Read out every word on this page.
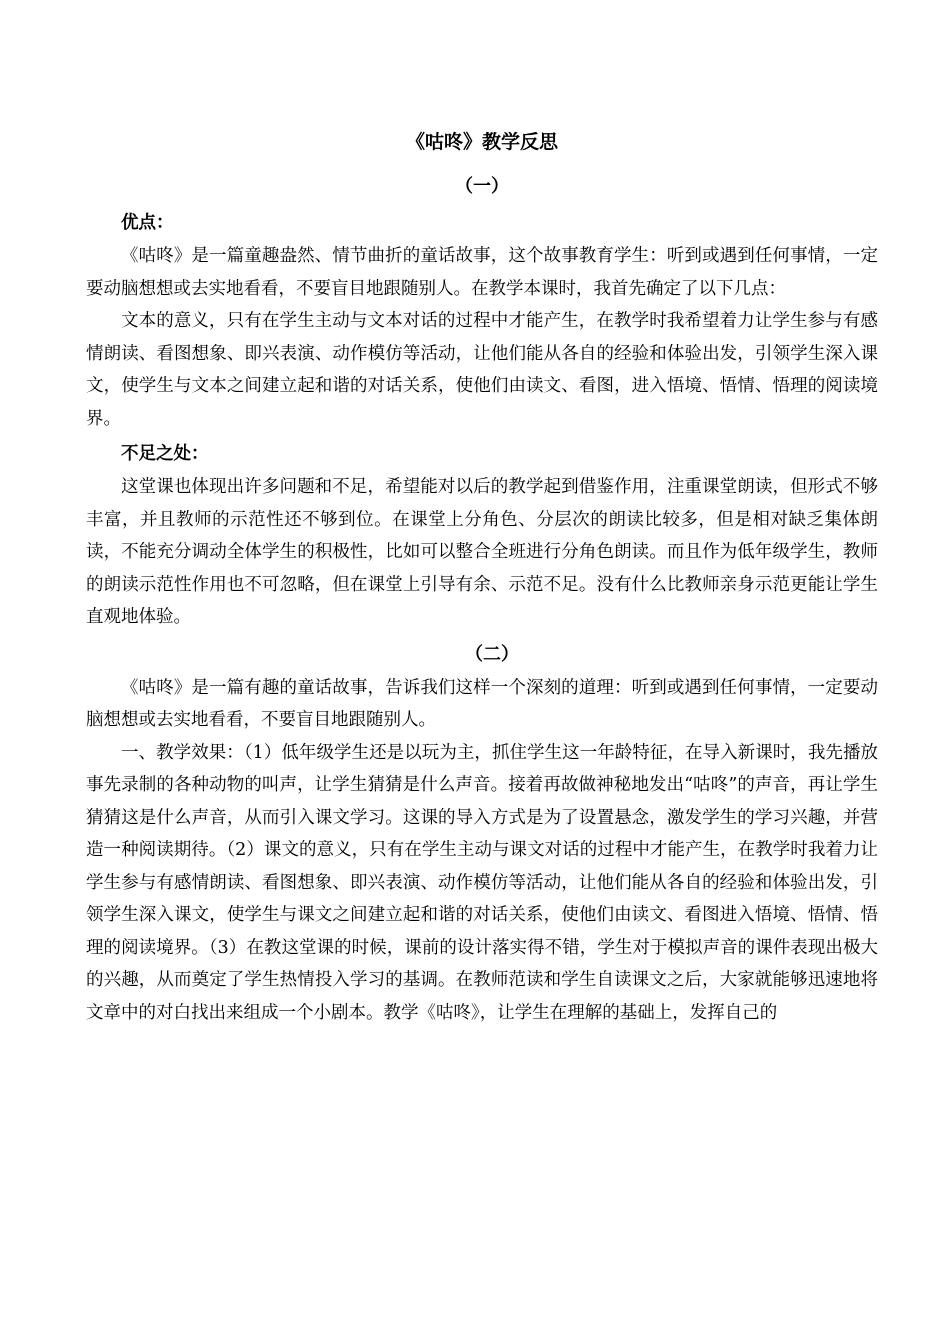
《咕咚》教学反思
（一）
优点：

《咕咚》是一篇童趣盎然、情节曲折的童话故事，这个故事教育学生：听到或遇到任何事情，一定要动脑想想或去实地看看，不要盲目地跟随别人。在教学本课时，我首先确定了以下几点：

文本的意义，只有在学生主动与文本对话的过程中才能产生，在教学时我希望着力让学生参与有感情朗读、看图想象、即兴表演、动作模仿等活动，让他们能从各自的经验和体验出发，引领学生深入课文，使学生与文本之间建立起和谐的对话关系，使他们由读文、看图，进入悟境、悟情、悟理的阅读境界。

不足之处：

这堂课也体现出许多问题和不足，希望能对以后的教学起到借鉴作用，注重课堂朗读，但形式不够丰富，并且教师的示范性还不够到位。在课堂上分角色、分层次的朗读比较多，但是相对缺乏集体朗读，不能充分调动全体学生的积极性，比如可以整合全班进行分角色朗读。而且作为低年级学生，教师的朗读示范性作用也不可忽略，但在课堂上引导有余、示范不足。没有什么比教师亲身示范更能让学生直观地体验。

（二）

《咕咚》是一篇有趣的童话故事，告诉我们这样一个深刻的道理：听到或遇到任何事情，一定要动脑想想或去实地看看，不要盲目地跟随别人。

一、教学效果：（1）低年级学生还是以玩为主，抓住学生这一年龄特征，在导入新课时，我先播放事先录制的各种动物的叫声，让学生猜猜是什么声音。接着再故做神秘地发出“咕咚”的声音，再让学生猜猜这是什么声音，从而引入课文学习。这课的导入方式是为了设置悬念，激发学生的学习兴趣，并营造一种阅读期待。（2）课文的意义，只有在学生主动与课文对话的过程中才能产生，在教学时我着力让学生参与有感情朗读、看图想象、即兴表演、动作模仿等活动，让他们能从各自的经验和体验出发，引领学生深入课文，使学生与课文之间建立起和谐的对话关系，使他们由读文、看图进入悟境、悟情、悟理的阅读境界。（3）在教这堂课的时候，课前的设计落实得不错，学生对于模拟声音的课件表现出极大的兴趣，从而奠定了学生热情投入学习的基调。在教师范读和学生自读课文之后，大家就能够迅速地将文章中的对白找出来组成一个小剧本。教学《咕咚》，让学生在理解的基础上，发挥自己的
